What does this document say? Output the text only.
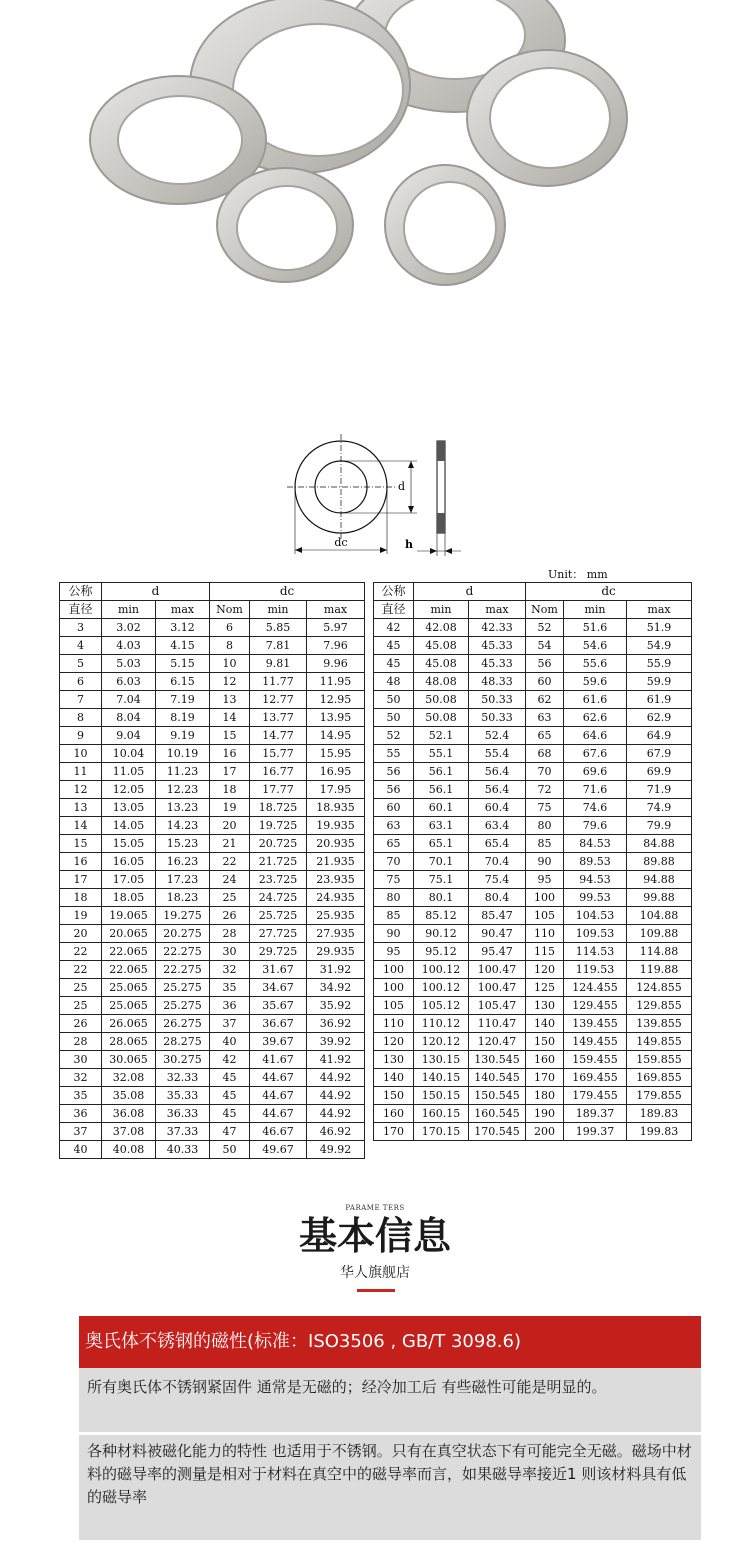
d
dc	h
Unit： mm
公称	d		dc		
直径	min	max	Nom	min	max
3	3.02	3.12	6	5.85	5.97
4	4.03	4.15	8	7.81	7.96
5	5.03	5.15	10	9.81	9.96
6	6.03	6.15	12	11.77	11.95
7	7.04	7.19	13	12.77	12.95
8	8.04	8.19	14	13.77	13.95
9	9.04	9.19	15	14.77	14.95
10	10.04	10.19	16	15.77	15.95
11	11.05	11.23	17	16.77	16.95
12	12.05	12.23	18	17.77	17.95
13	13.05	13.23	19	18.725	18.935
14	14.05	14.23	20	19.725	19.935
15	15.05	15.23	21	20.725	20.935
16	16.05	16.23	22	21.725	21.935
17	17.05	17.23	24	23.725	23.935
18	18.05	18.23	25	24.725	24.935
19	19.065	19.275	26	25.725	25.935
20	20.065	20.275	28	27.725	27.935
22	22.065	22.275	30	29.725	29.935
22	22.065	22.275	32	31.67	31.92
25	25.065	25.275	35	34.67	34.92
25	25.065	25.275	36	35.67	35.92
26	26.065	26.275	37	36.67	36.92
28	28.065	28.275	40	39.67	39.92
30	30.065	30.275	42	41.67	41.92
32	32.08	32.33	45	44.67	44.92
35	35.08	35.33	45	44.67	44.92
36	36.08	36.33	45	44.67	44.92
37	37.08	37.33	47	46.67	46.92
40	40.08	40.33	50	49.67	49.92
公称	d		dc		
直径	min	max	Nom	min	max
42	42.08	42.33	52	51.6	51.9
45	45.08	45.33	54	54.6	54.9
45	45.08	45.33	56	55.6	55.9
48	48.08	48.33	60	59.6	59.9
50	50.08	50.33	62	61.6	61.9
50	50.08	50.33	63	62.6	62.9
52	52.1	52.4	65	64.6	64.9
55	55.1	55.4	68	67.6	67.9
56	56.1	56.4	70	69.6	69.9
56	56.1	56.4	72	71.6	71.9
60	60.1	60.4	75	74.6	74.9
63	63.1	63.4	80	79.6	79.9
65	65.1	65.4	85	84.53	84.88
70	70.1	70.4	90	89.53	89.88
75	75.1	75.4	95	94.53	94.88
80	80.1	80.4	100	99.53	99.88
85	85.12	85.47	105	104.53	104.88
90	90.12	90.47	110	109.53	109.88
95	95.12	95.47	115	114.53	114.88
100	100.12	100.47	120	119.53	119.88
100	100.12	100.47	125	124.455	124.855
105	105.12	105.47	130	129.455	129.855
110	110.12	110.47	140	139.455	139.855
120	120.12	120.47	150	149.455	149.855
130	130.15	130.545	160	159.455	159.855
140	140.15	140.545	170	169.455	169.855
150	150.15	150.545	180	179.455	179.855
160	160.15	160.545	190	189.37	189.83
170	170.15	170.545	200	199.37	199.83
PARAME TERS
基本信息
华人旗舰店
奥氏体不锈钢的磁性(标准：ISO3506 , GB/T 3098.6)
所有奥氏体不锈钢紧固件 通常是无磁的；经冷加工后 有些磁性可能是明显的。
各种材料被磁化能力的特性 也适用于不锈钢。只有在真空状态下有可能完全无磁。磁场中材料的磁导率的测量是相对于材料在真空中的磁导率而言，如果磁导率接近1 则该材料具有低的磁导率
